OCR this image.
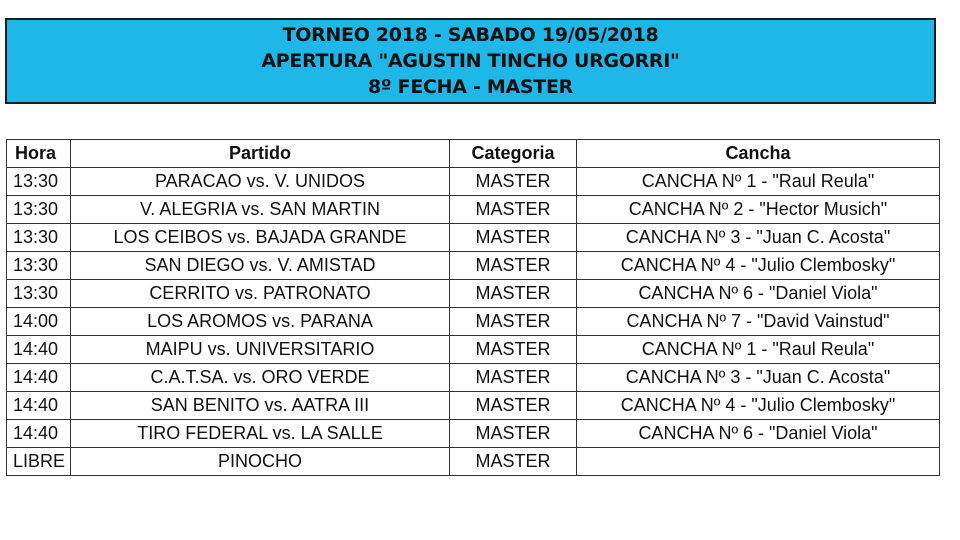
TORNEO 2018 - SABADO 19/05/2018
APERTURA "AGUSTIN TINCHO URGORRI"
8º FECHA - MASTER
Hora	Partido	Categoria	Cancha
13:30	PARACAO vs. V. UNIDOS	MASTER	CANCHA Nº 1 - "Raul Reula"
13:30	V. ALEGRIA vs. SAN MARTIN	MASTER	CANCHA Nº 2 - "Hector Musich"
13:30	LOS CEIBOS vs. BAJADA GRANDE	MASTER	CANCHA Nº 3 - "Juan C. Acosta"
13:30	SAN DIEGO vs. V. AMISTAD	MASTER	CANCHA Nº 4 - "Julio Clembosky"
13:30	CERRITO vs. PATRONATO	MASTER	CANCHA Nº 6 - "Daniel Viola"
14:00	LOS AROMOS vs. PARANA	MASTER	CANCHA Nº 7 - "David Vainstud"
14:40	MAIPU vs. UNIVERSITARIO	MASTER	CANCHA Nº 1 - "Raul Reula"
14:40	C.A.T.SA. vs. ORO VERDE	MASTER	CANCHA Nº 3 - "Juan C. Acosta"
14:40	SAN BENITO vs. AATRA III	MASTER	CANCHA Nº 4 - "Julio Clembosky"
14:40	TIRO FEDERAL vs. LA SALLE	MASTER	CANCHA Nº 6 - "Daniel Viola"
LIBRE	PINOCHO	MASTER	
